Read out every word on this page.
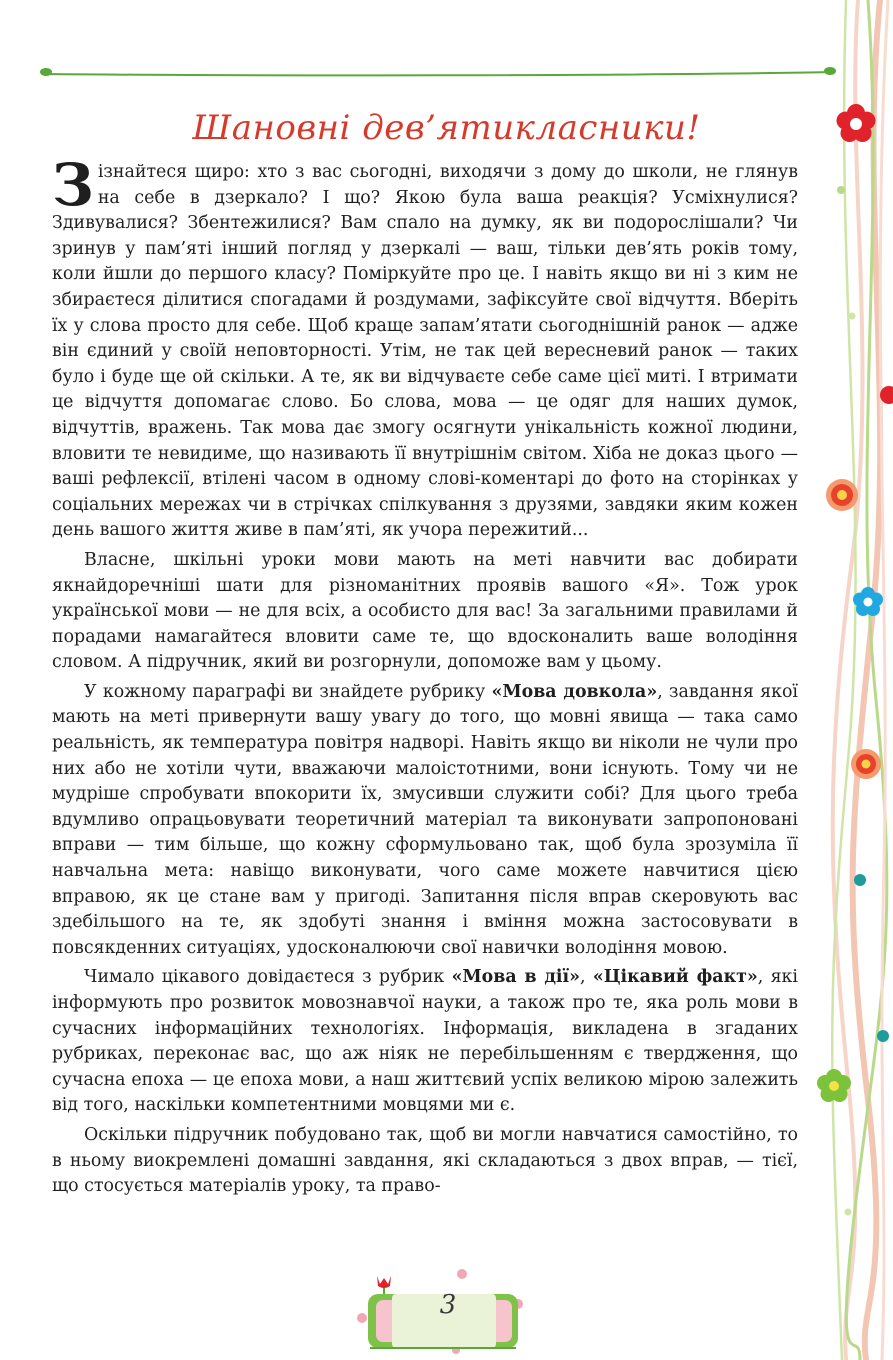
Шановні дев’ятикласники!

Зізнайтеся щиро: хто з вас сьогодні, виходячи з дому до школи, не глянув на себе в дзеркало? І що? Якою була ваша реакція? Усміхнулися? Здивувалися? Збентежилися? Вам спало на думку, як ви подорослішали? Чи зринув у пам’яті інший погляд у дзеркалі — ваш, тільки дев’ять років тому, коли йшли до першого класу? Поміркуйте про це. І навіть якщо ви ні з ким не збираєтеся ділитися спогадами й роздумами, зафіксуйте свої відчуття. Вберіть їх у слова просто для себе. Щоб краще запам’ятати сьогоднішній ранок — адже він єдиний у своїй неповторності. Утім, не так цей вересневий ранок — таких було і буде ще ой скільки. А те, як ви відчуваєте себе саме цієї миті. І втримати це відчуття допомагає слово. Бо слова, мова — це одяг для наших думок, відчуттів, вражень. Так мова дає змогу осягнути унікальність кожної людини, вловити те невидиме, що називають її внутрішнім світом. Хіба не доказ цього — ваші рефлексії, втілені часом в одному слові-коментарі до фото на сторінках у соціальних мережах чи в стрічках спілкування з друзями, завдяки яким кожен день вашого життя живе в пам’яті, як учора пережитий...

Власне, шкільні уроки мови мають на меті навчити вас добирати якнайдоречніші шати для різноманітних проявів вашого «Я». Тож урок української мови — не для всіх, а особисто для вас! За загальними правилами й порадами намагайтеся вловити саме те, що вдосконалить ваше володіння словом. А підручник, який ви розгорнули, допоможе вам у цьому.

У кожному параграфі ви знайдете рубрику «Мова довкола», завдання якої мають на меті привернути вашу увагу до того, що мовні явища — така само реальність, як температура повітря надворі. Навіть якщо ви ніколи не чули про них або не хотіли чути, вважаючи малоістотними, вони існують. Тому чи не мудріше спробувати впокорити їх, змусивши служити собі? Для цього треба вдумливо опрацьовувати теоретичний матеріал та виконувати запропоновані вправи — тим більше, що кожну сформульовано так, щоб була зрозуміла її навчальна мета: навіщо виконувати, чого саме можете навчитися цією вправою, як це стане вам у пригоді. Запитання після вправ скеровують вас здебільшого на те, як здобуті знання і вміння можна застосовувати в повсякденних ситуаціях, удосконалюючи свої навички володіння мовою.

Чимало цікавого довідаєтеся з рубрик «Мова в дії», «Цікавий факт», які інформують про розвиток мовознавчої науки, а також про те, яка роль мови в сучасних інформаційних технологіях. Інформація, викладена в згаданих рубриках, переконає вас, що аж ніяк не перебільшенням є твердження, що сучасна епоха — це епоха мови, а наш життєвий успіх великою мірою залежить від того, наскільки компетентними мовцями ми є.

Оскільки підручник побудовано так, щоб ви могли навчатися самостійно, то в ньому виокремлені домашні завдання, які складаються з двох вправ, — тієї, що стосується матеріалів уроку, та право-

3
